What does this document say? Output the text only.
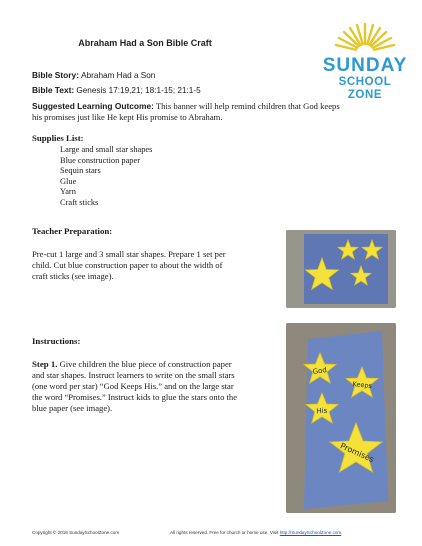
Abraham Had a Son Bible Craft
SUNDAY
SCHOOL ZONE
Bible Story: Abraham Had a Son
Bible Text: Genesis 17:19,21; 18:1-15; 21:1-5
Suggested Learning Outcome: This banner will help remind children that God keeps
his promises just like He kept His promise to Abraham.
Supplies List:
Large and small star shapes
Blue construction paper
Sequin stars
Glue
Yarn
Craft sticks
Teacher Preparation:
Pre-cut 1 large and 3 small star shapes. Prepare 1 set per
child. Cut blue construction paper to about the width of
craft sticks (see image).
Instructions:
Step 1. Give children the blue piece of construction paper
and star shapes. Instruct learners to write on the small stars
(one word per star) “God Keeps His.” and on the large star
the word “Promises.” Instruct kids to glue the stars onto the
blue paper (see image).
God
Keeps
His
Promises
Copyright © 2016 SundaySchoolZone.com	All rights reserved. Free for church or home use. Visit http://SundaySchoolZone.com.
